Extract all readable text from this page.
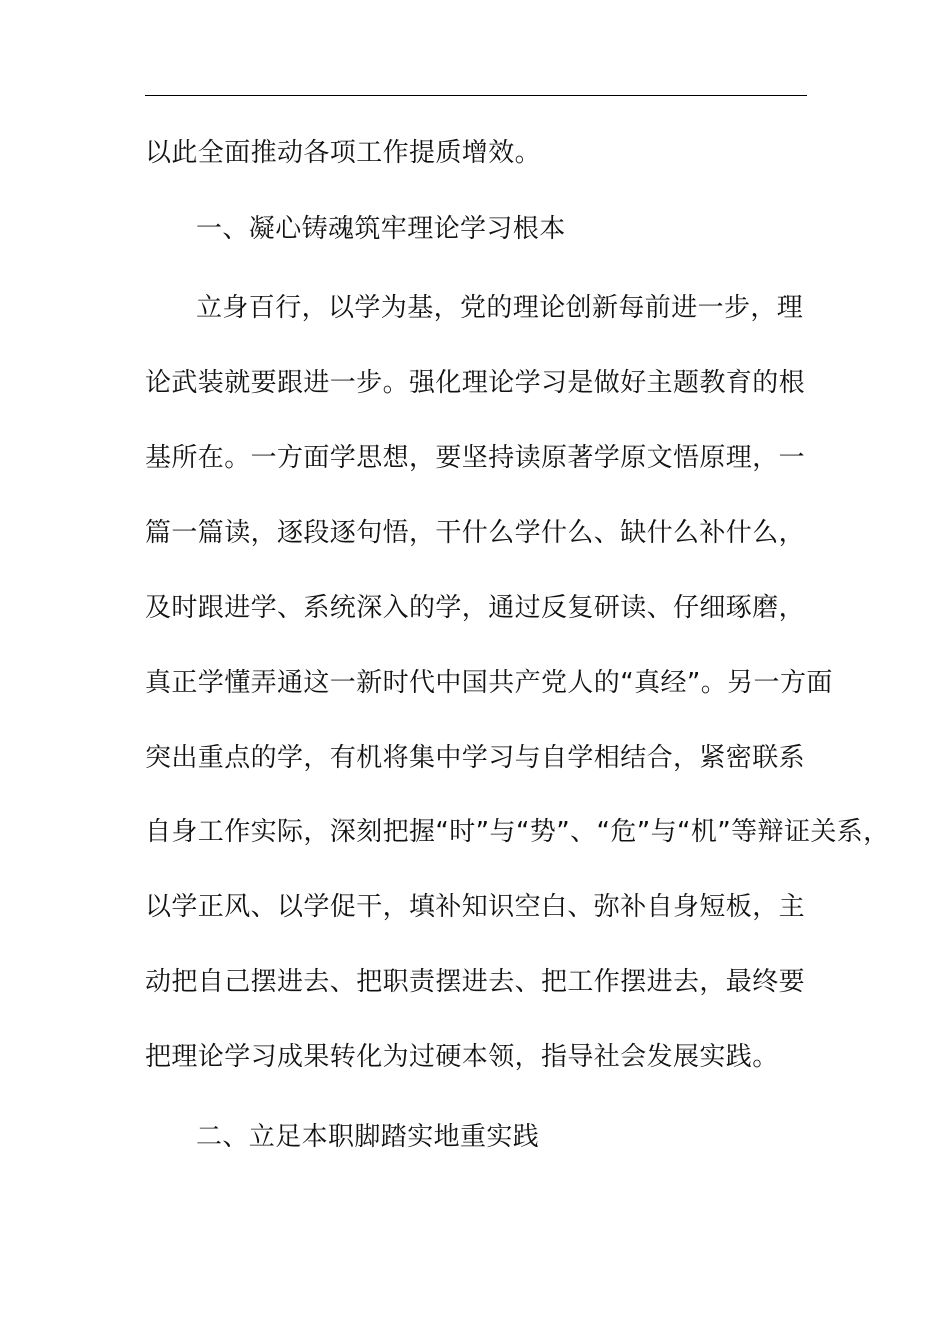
以此全面推动各项工作提质增效。
一、凝心铸魂筑牢理论学习根本
立身百行，以学为基，党的理论创新每前进一步，理
论武装就要跟进一步。强化理论学习是做好主题教育的根
基所在。一方面学思想，要坚持读原著学原文悟原理，一
篇一篇读，逐段逐句悟，干什么学什么、缺什么补什么，
及时跟进学、系统深入的学，通过反复研读、仔细琢磨，
真正学懂弄通这一新时代中国共产党人的“真经”。另一方面
突出重点的学，有机将集中学习与自学相结合，紧密联系
自身工作实际，深刻把握“时”与“势”、“危”与“机”等辩证关系，
以学正风、以学促干，填补知识空白、弥补自身短板，主
动把自己摆进去、把职责摆进去、把工作摆进去，最终要
把理论学习成果转化为过硬本领，指导社会发展实践。
二、立足本职脚踏实地重实践
